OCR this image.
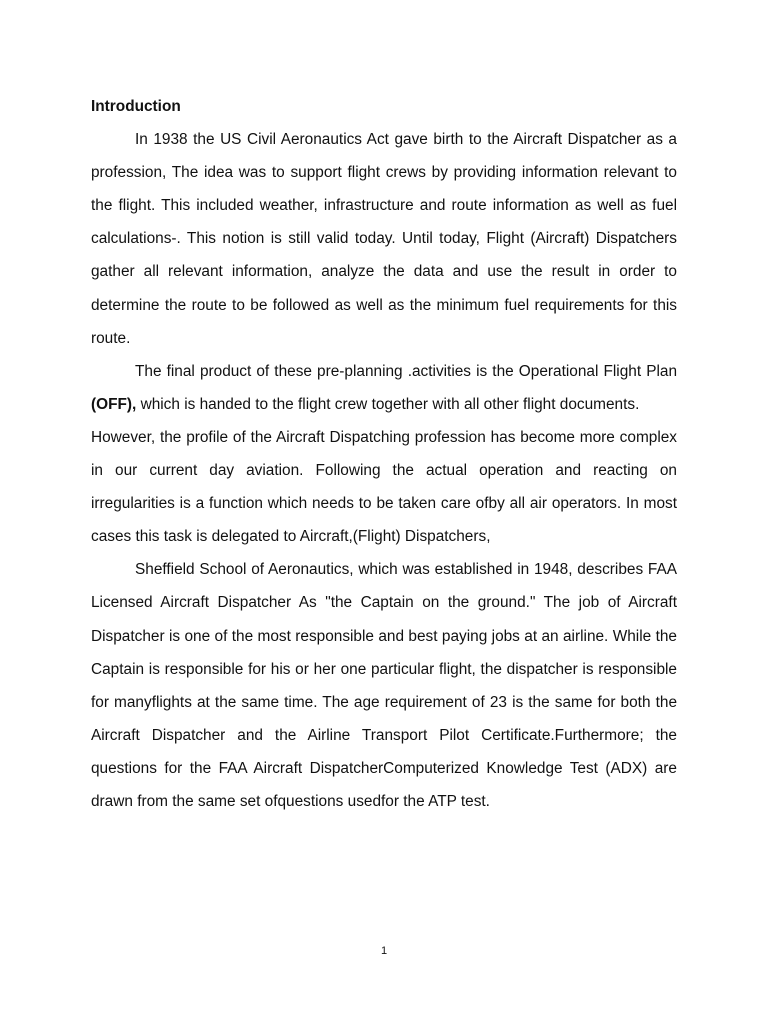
Introduction

In 1938 the US Civil Aeronautics Act gave birth to the Aircraft Dispatcher as a profession, The idea was to support flight crews by providing information relevant to the flight. This included weather, infrastructure and route information as well as fuel calculations-. This notion is still valid today. Until today, Flight (Aircraft) Dispatchers gather all relevant information, analyze the data and use the result in order to determine the route to be followed as well as the minimum fuel requirements for this route.

The final product of these pre-planning .activities is the Operational Flight Plan (OFF), which is handed to the flight crew together with all other flight documents.

However, the profile of the Aircraft Dispatching profession has become more complex in our current day aviation. Following the actual operation and reacting on irregularities is a function which needs to be taken care ofby all air operators. In most cases this task is delegated to Aircraft,(Flight) Dispatchers,

Sheffield School of Aeronautics, which was established in 1948, describes FAA Licensed Aircraft Dispatcher As "the Captain on the ground." The job of Aircraft Dispatcher is one of the most responsible and best paying jobs at an airline. While the Captain is responsible for his or her one particular flight, the dispatcher is responsible for manyflights at the same time. The age requirement of 23 is the same for both the Aircraft Dispatcher and the Airline Transport Pilot Certificate.Furthermore; the questions for the FAA Aircraft DispatcherComputerized Knowledge Test (ADX) are drawn from the same set ofquestions usedfor the ATP test.

1
